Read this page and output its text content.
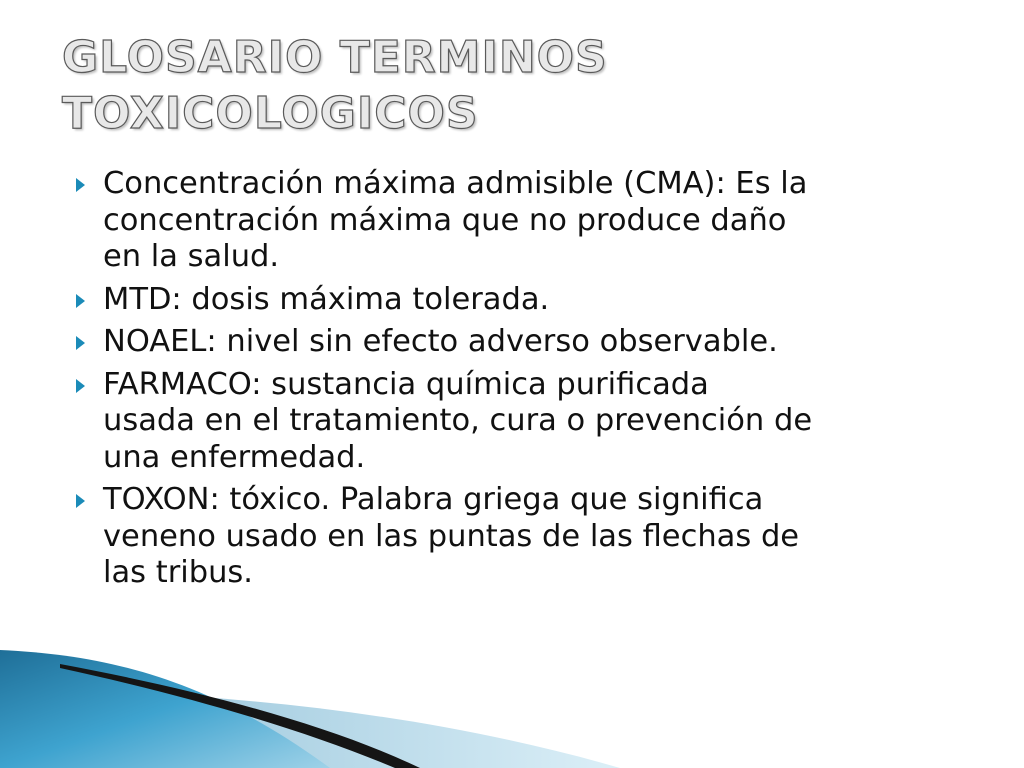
GLOSARIO TERMINOS
TOXICOLOGICOS
Concentración máxima admisible (CMA): Es la
concentración máxima que no produce daño
en la salud.
MTD: dosis máxima tolerada.
NOAEL: nivel sin efecto adverso observable.
FARMACO: sustancia química purificada
usada en el tratamiento, cura o prevención de
una enfermedad.
TOXON: tóxico. Palabra griega que significa
veneno usado en las puntas de las flechas de
las tribus.
